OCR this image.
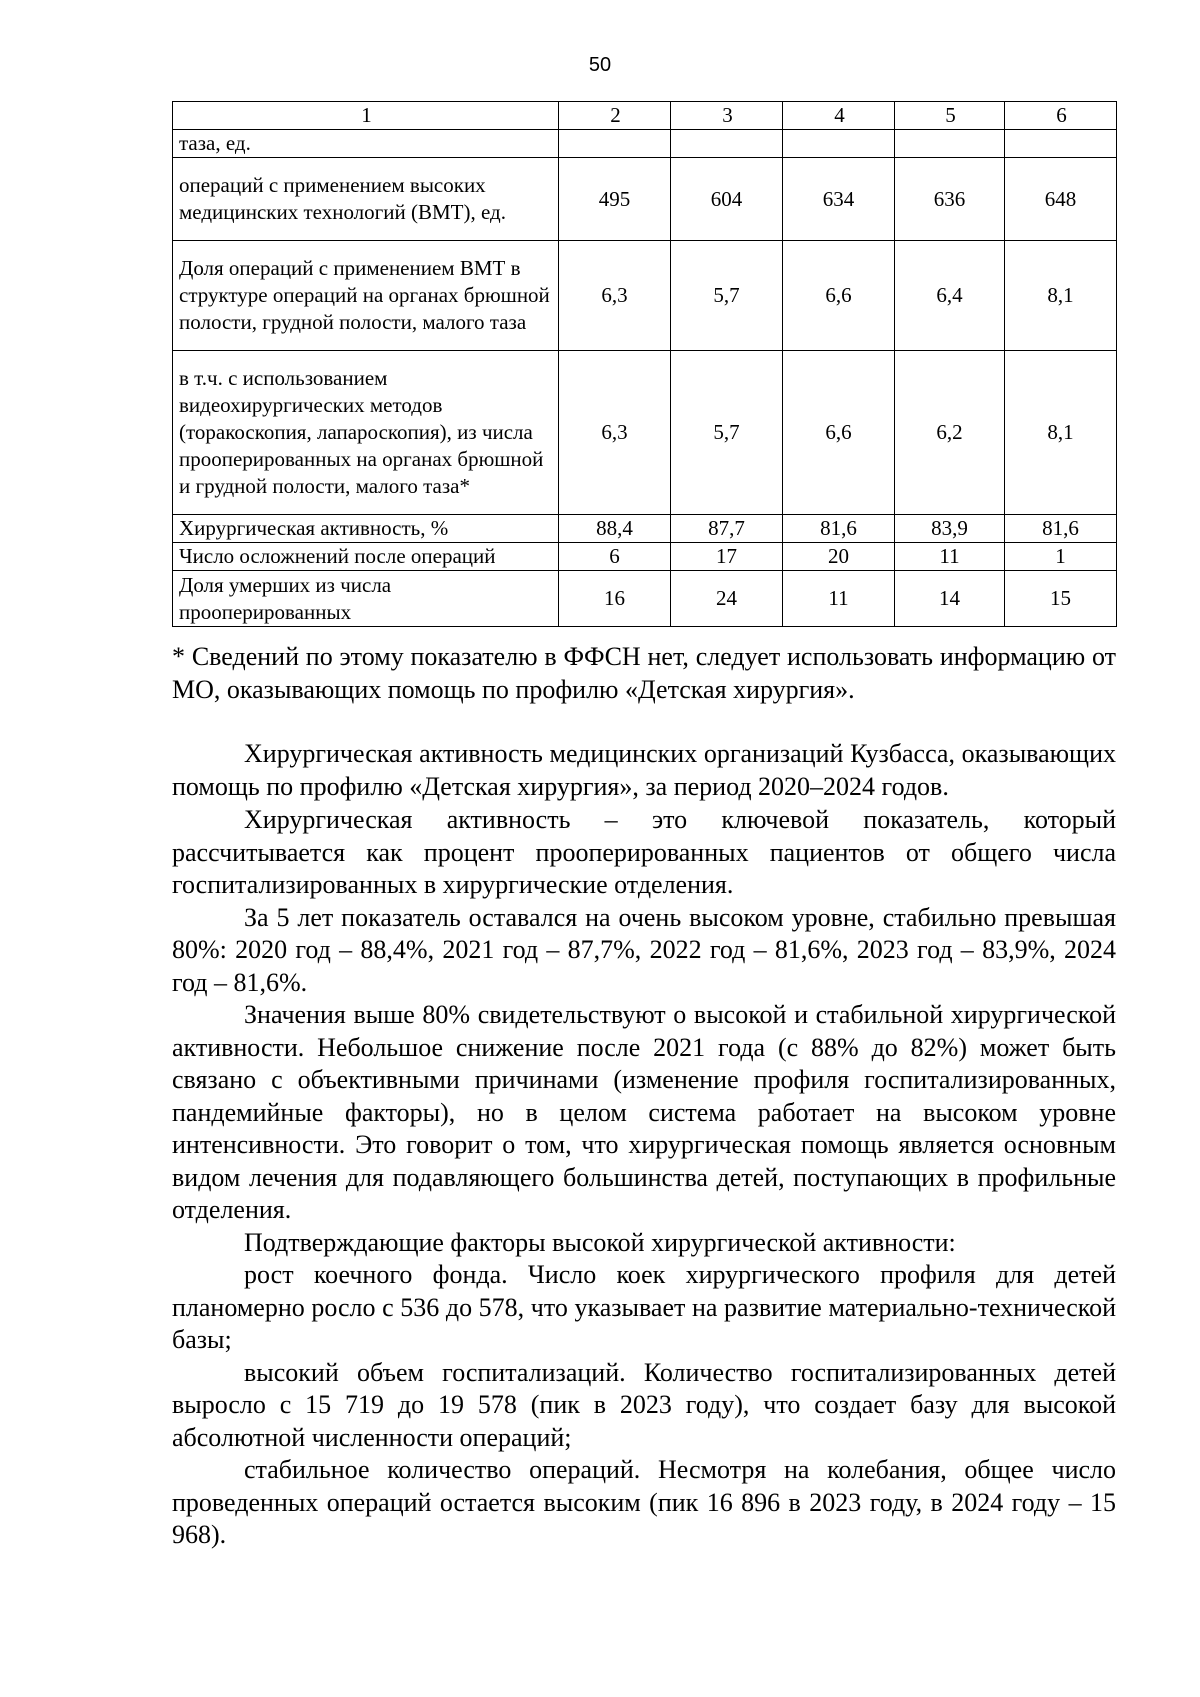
50
1	2	3	4	5	6
таза, ед.					
операций с применением высоких медицинских технологий (ВМТ), ед.	495	604	634	636	648
Доля операций с применением ВМТ в структуре операций на органах брюшной полости, грудной полости, малого таза	6,3	5,7	6,6	6,4	8,1
в т.ч. с использованием видеохирургических методов (торакоскопия, лапароскопия), из числа прооперированных на органах брюшной и грудной полости, малого таза*	6,3	5,7	6,6	6,2	8,1
Хирургическая активность, %	88,4	87,7	81,6	83,9	81,6
Число осложнений после операций	6	17	20	11	1
Доля умерших из числа прооперированных	16	24	11	14	15
* Сведений по этому показателю в ФФСН нет, следует использовать информацию от МО, оказывающих помощь по профилю «Детская хирургия».

Хирургическая активность медицинских организаций Кузбасса, оказывающих помощь по профилю «Детская хирургия», за период 2020–2024 годов.

Хирургическая активность – это ключевой показатель, который рассчитывается как процент прооперированных пациентов от общего числа госпитализированных в хирургические отделения.

За 5 лет показатель оставался на очень высоком уровне, стабильно превышая 80%: 2020 год – 88,4%, 2021 год – 87,7%, 2022 год – 81,6%, 2023 год – 83,9%, 2024 год – 81,6%.

Значения выше 80% свидетельствуют о высокой и стабильной хирургической активности. Небольшое снижение после 2021 года (с 88% до 82%) может быть связано с объективными причинами (изменение профиля госпитализированных, пандемийные факторы), но в целом система работает на высоком уровне интенсивности. Это говорит о том, что хирургическая помощь является основным видом лечения для подавляющего большинства детей, поступающих в профильные отделения.

Подтверждающие факторы высокой хирургической активности:

рост коечного фонда. Число коек хирургического профиля для детей планомерно росло с 536 до 578, что указывает на развитие материально-технической базы;

высокий объем госпитализаций. Количество госпитализированных детей выросло с 15 719 до 19 578 (пик в 2023 году), что создает базу для высокой абсолютной численности операций;

стабильное количество операций. Несмотря на колебания, общее число проведенных операций остается высоким (пик 16 896 в 2023 году, в 2024 году – 15 968).
